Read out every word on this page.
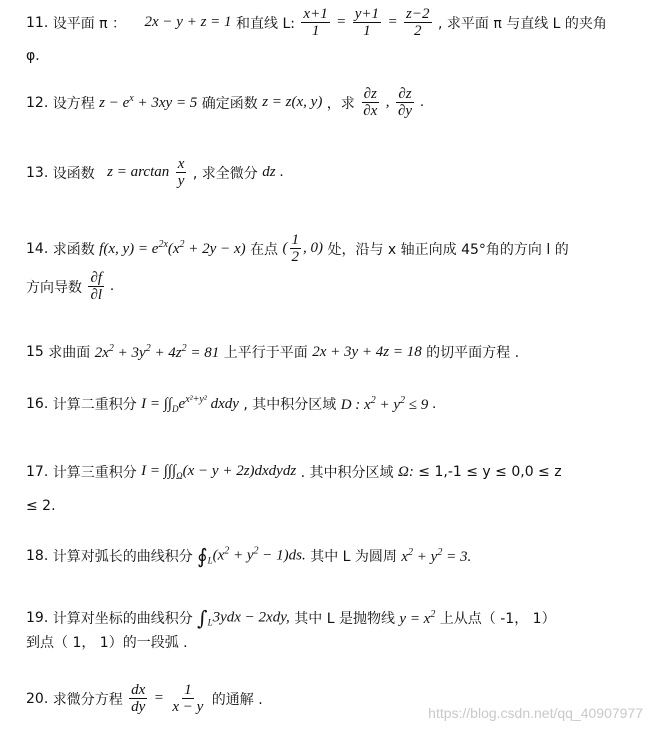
11. 设平面 π ： 2x − y + z = 1 和直线 L: $\frac{x+1}{1} = \frac{y+1}{1} = \frac{z-2}{2}$ , 求平面 π 与直线 L 的夹角
φ.
12. 设方程 $z - e^x + 3xy = 5$ 确定函数 z = z(x, y) ，求 $\frac{\partial z}{\partial x}$ , $\frac{\partial z}{\partial y}$ .
13. 设函数 $z = \arctan \frac{x}{y}$ , 求全微分 dz .
14. 求函数 f(x, $y) = e^{2x}(x^2 + 2y - x)$ 在点 ( $\frac{1}{2}$ , 0) 处，沿与 x 轴正向成 45°角的方向 l 的
方向导数 $\frac{\partial f}{\partial l}$ .
15 求曲面 $2x^2 + 3y^2 + 4z^2 = 81$ 上平行于平面 2x + 3y + 4z = 18 的切平面方程 .
16. 计算二重积分 $I = \int\int_De^{x^2+y^2}$ dxdy , 其中积分区域 D : $x^2 + y^2 \le 9$ .
17. 计算三重积分 $I = \int\int\int_\Omega(x - y$ + 2z)dxdydz . 其中积分区域 Ω: ≤ 1,-1 ≤ y ≤ 0,0 ≤ z
≤ 2.
18. 计算对弧长的曲线积分 $∮_L(x^2 + y^2 - 1)ds$. 其中 L 为圆周 $x^2 + y^2 = 3$.
19. 计算对坐标的曲线积分 $\int_L3ydx - 2xdy$, 其中 L 是抛物线 $y = x^2$ 上从点（ -1， 1）
到点（ 1， 1）的一段弧 .
20. 求微分方程 $\frac{dx}{dy} = \frac{1}{x - y}$ 的通解 .
https://blog.csdn.net/qq_40907977
